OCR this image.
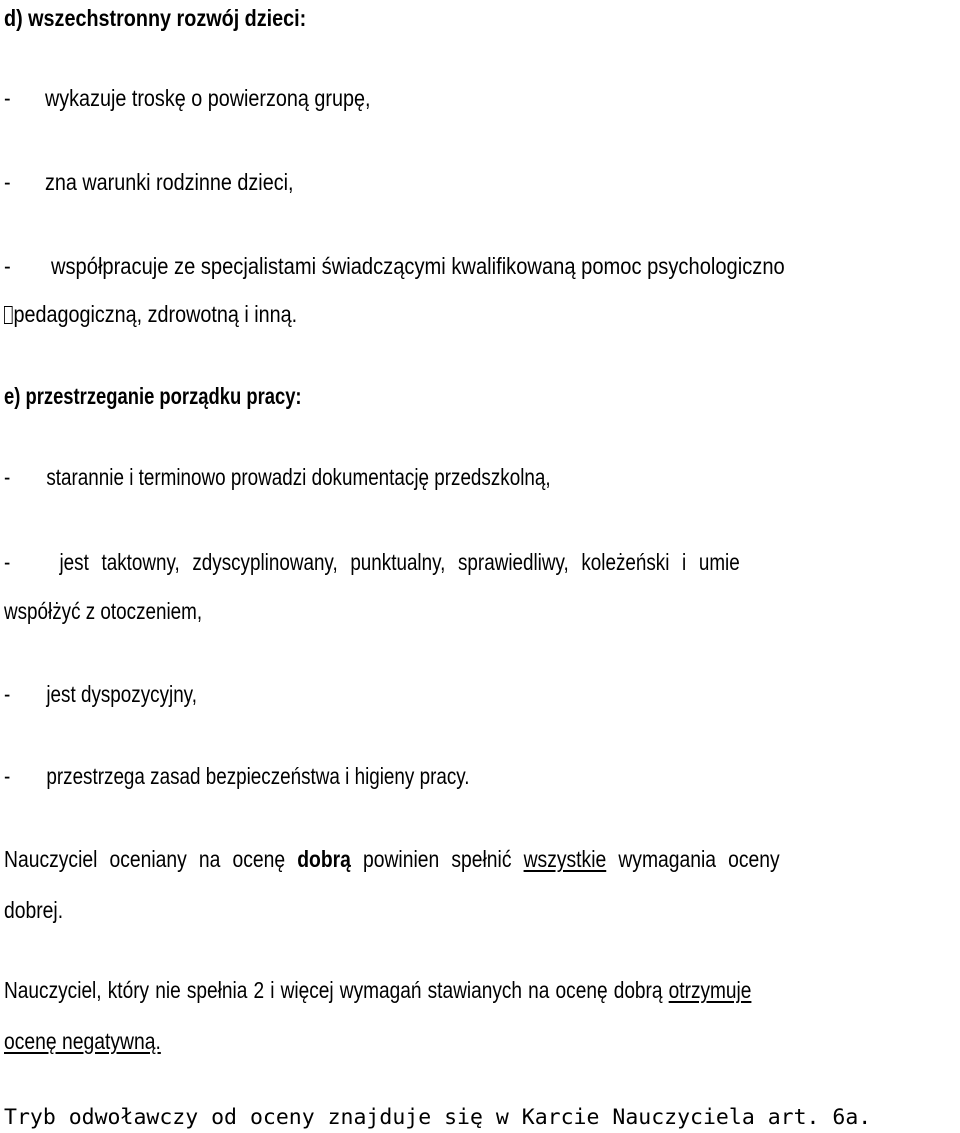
d) wszechstronny rozwój dzieci:
- wykazuje troskę o powierzoną grupę,
- zna warunki rodzinne dzieci,
- współpracuje ze specjalistami świadczącymi kwalifikowaną pomoc psychologiczno
pedagogiczną, zdrowotną i inną.
e) przestrzeganie porządku pracy:
- starannie i terminowo prowadzi dokumentację przedszkolną,
- jest taktowny, zdyscyplinowany, punktualny, sprawiedliwy, koleżeński i umie
współżyć z otoczeniem,
- jest dyspozycyjny,
- przestrzega zasad bezpieczeństwa i higieny pracy.
Nauczyciel oceniany na ocenę dobrą powinien spełnić wszystkie wymagania oceny
dobrej.
Nauczyciel, który nie spełnia 2 i więcej wymagań stawianych na ocenę dobrą otrzymuje
ocenę negatywną.
Tryb odwoławczy od oceny znajduje się w Karcie Nauczyciela art. 6a.
